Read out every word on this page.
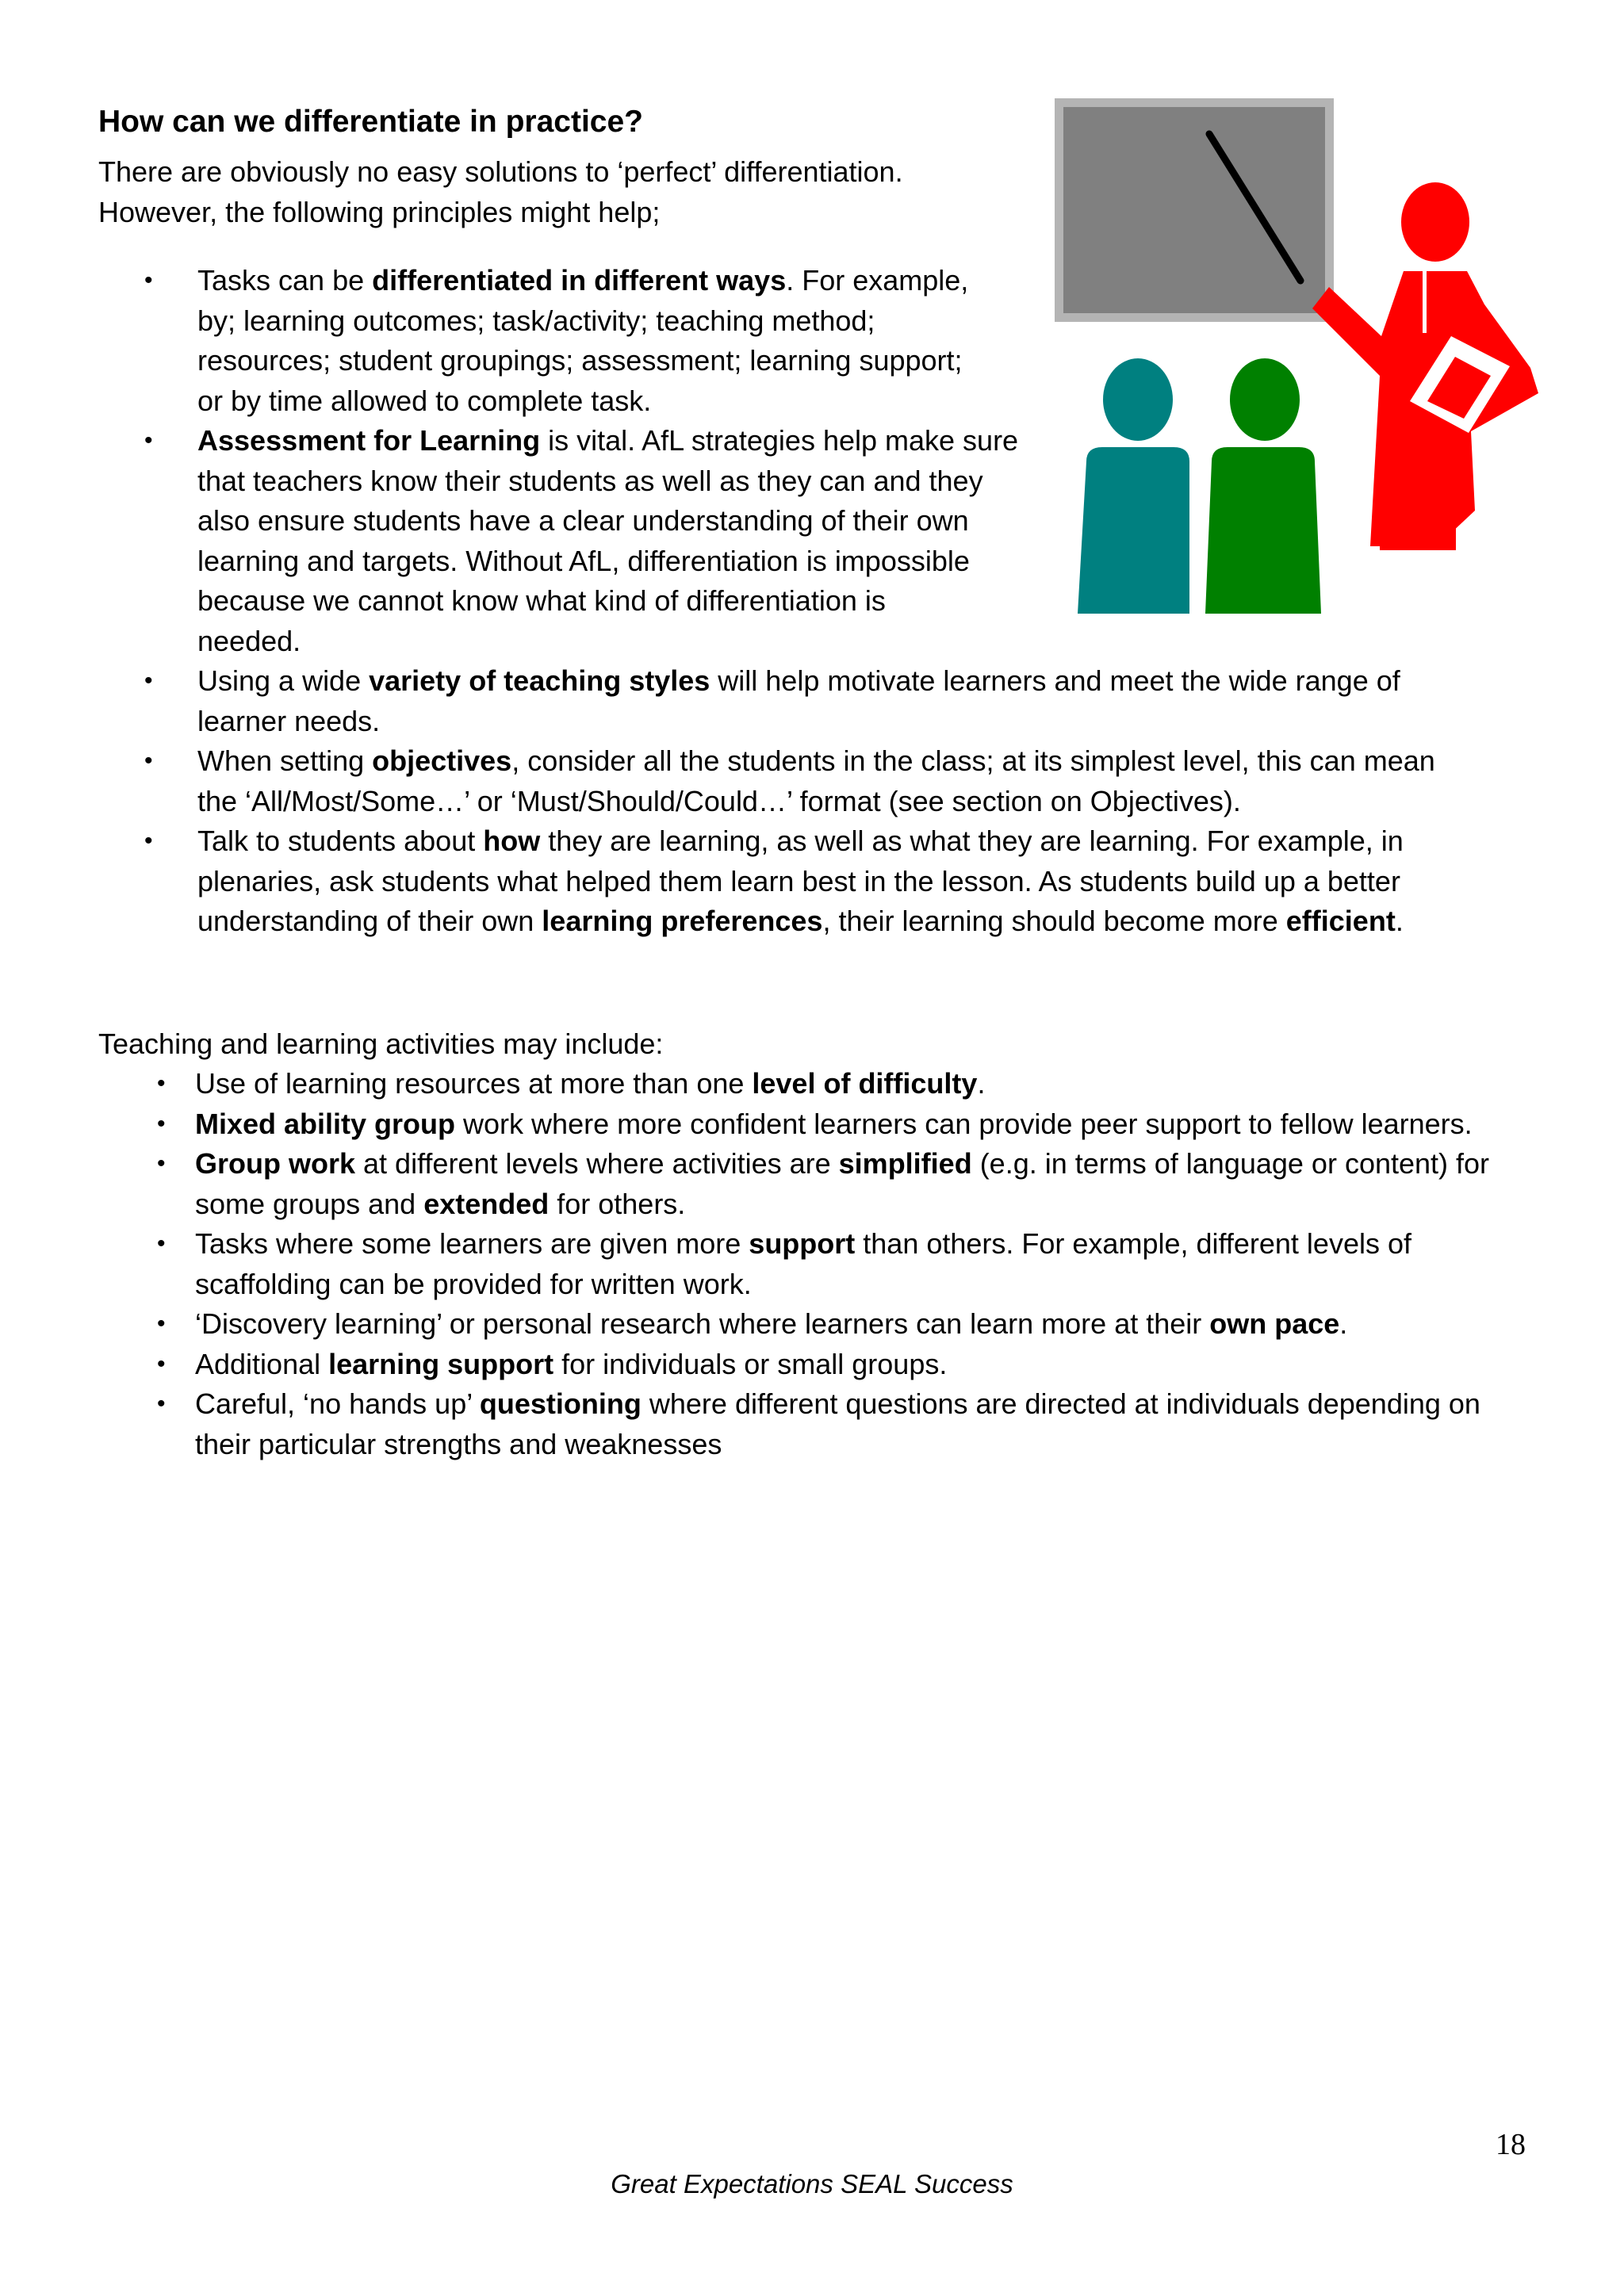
How can we differentiate in practice?

There are obviously no easy solutions to ‘perfect’ differentiation.
However, the following principles might help;

• Tasks can be differentiated in different ways. For example,
by; learning outcomes; task/activity; teaching method;
resources; student groupings; assessment; learning support;
or by time allowed to complete task.
• Assessment for Learning is vital. AfL strategies help make sure
that teachers know their students as well as they can and they
also ensure students have a clear understanding of their own
learning and targets. Without AfL, differentiation is impossible
because we cannot know what kind of differentiation is
needed.
• Using a wide variety of teaching styles will help motivate learners and meet the wide range of
learner needs.
• When setting objectives, consider all the students in the class; at its simplest level, this can mean
the ‘All/Most/Some…’ or ‘Must/Should/Could…’ format (see section on Objectives).
• Talk to students about how they are learning, as well as what they are learning. For example, in
plenaries, ask students what helped them learn best in the lesson. As students build up a better
understanding of their own learning preferences, their learning should become more efficient.

Teaching and learning activities may include:

• Use of learning resources at more than one level of difficulty.
• Mixed ability group work where more confident learners can provide peer support to fellow learners.
• Group work at different levels where activities are simplified (e.g. in terms of language or content) for some groups and extended for others.
• Tasks where some learners are given more support than others. For example, different levels of scaffolding can be provided for written work.
• ‘Discovery learning’ or personal research where learners can learn more at their own pace.
• Additional learning support for individuals or small groups.
• Careful, ‘no hands up’ questioning where different questions are directed at individuals depending on their particular strengths and weaknesses
18
Great Expectations SEAL Success
